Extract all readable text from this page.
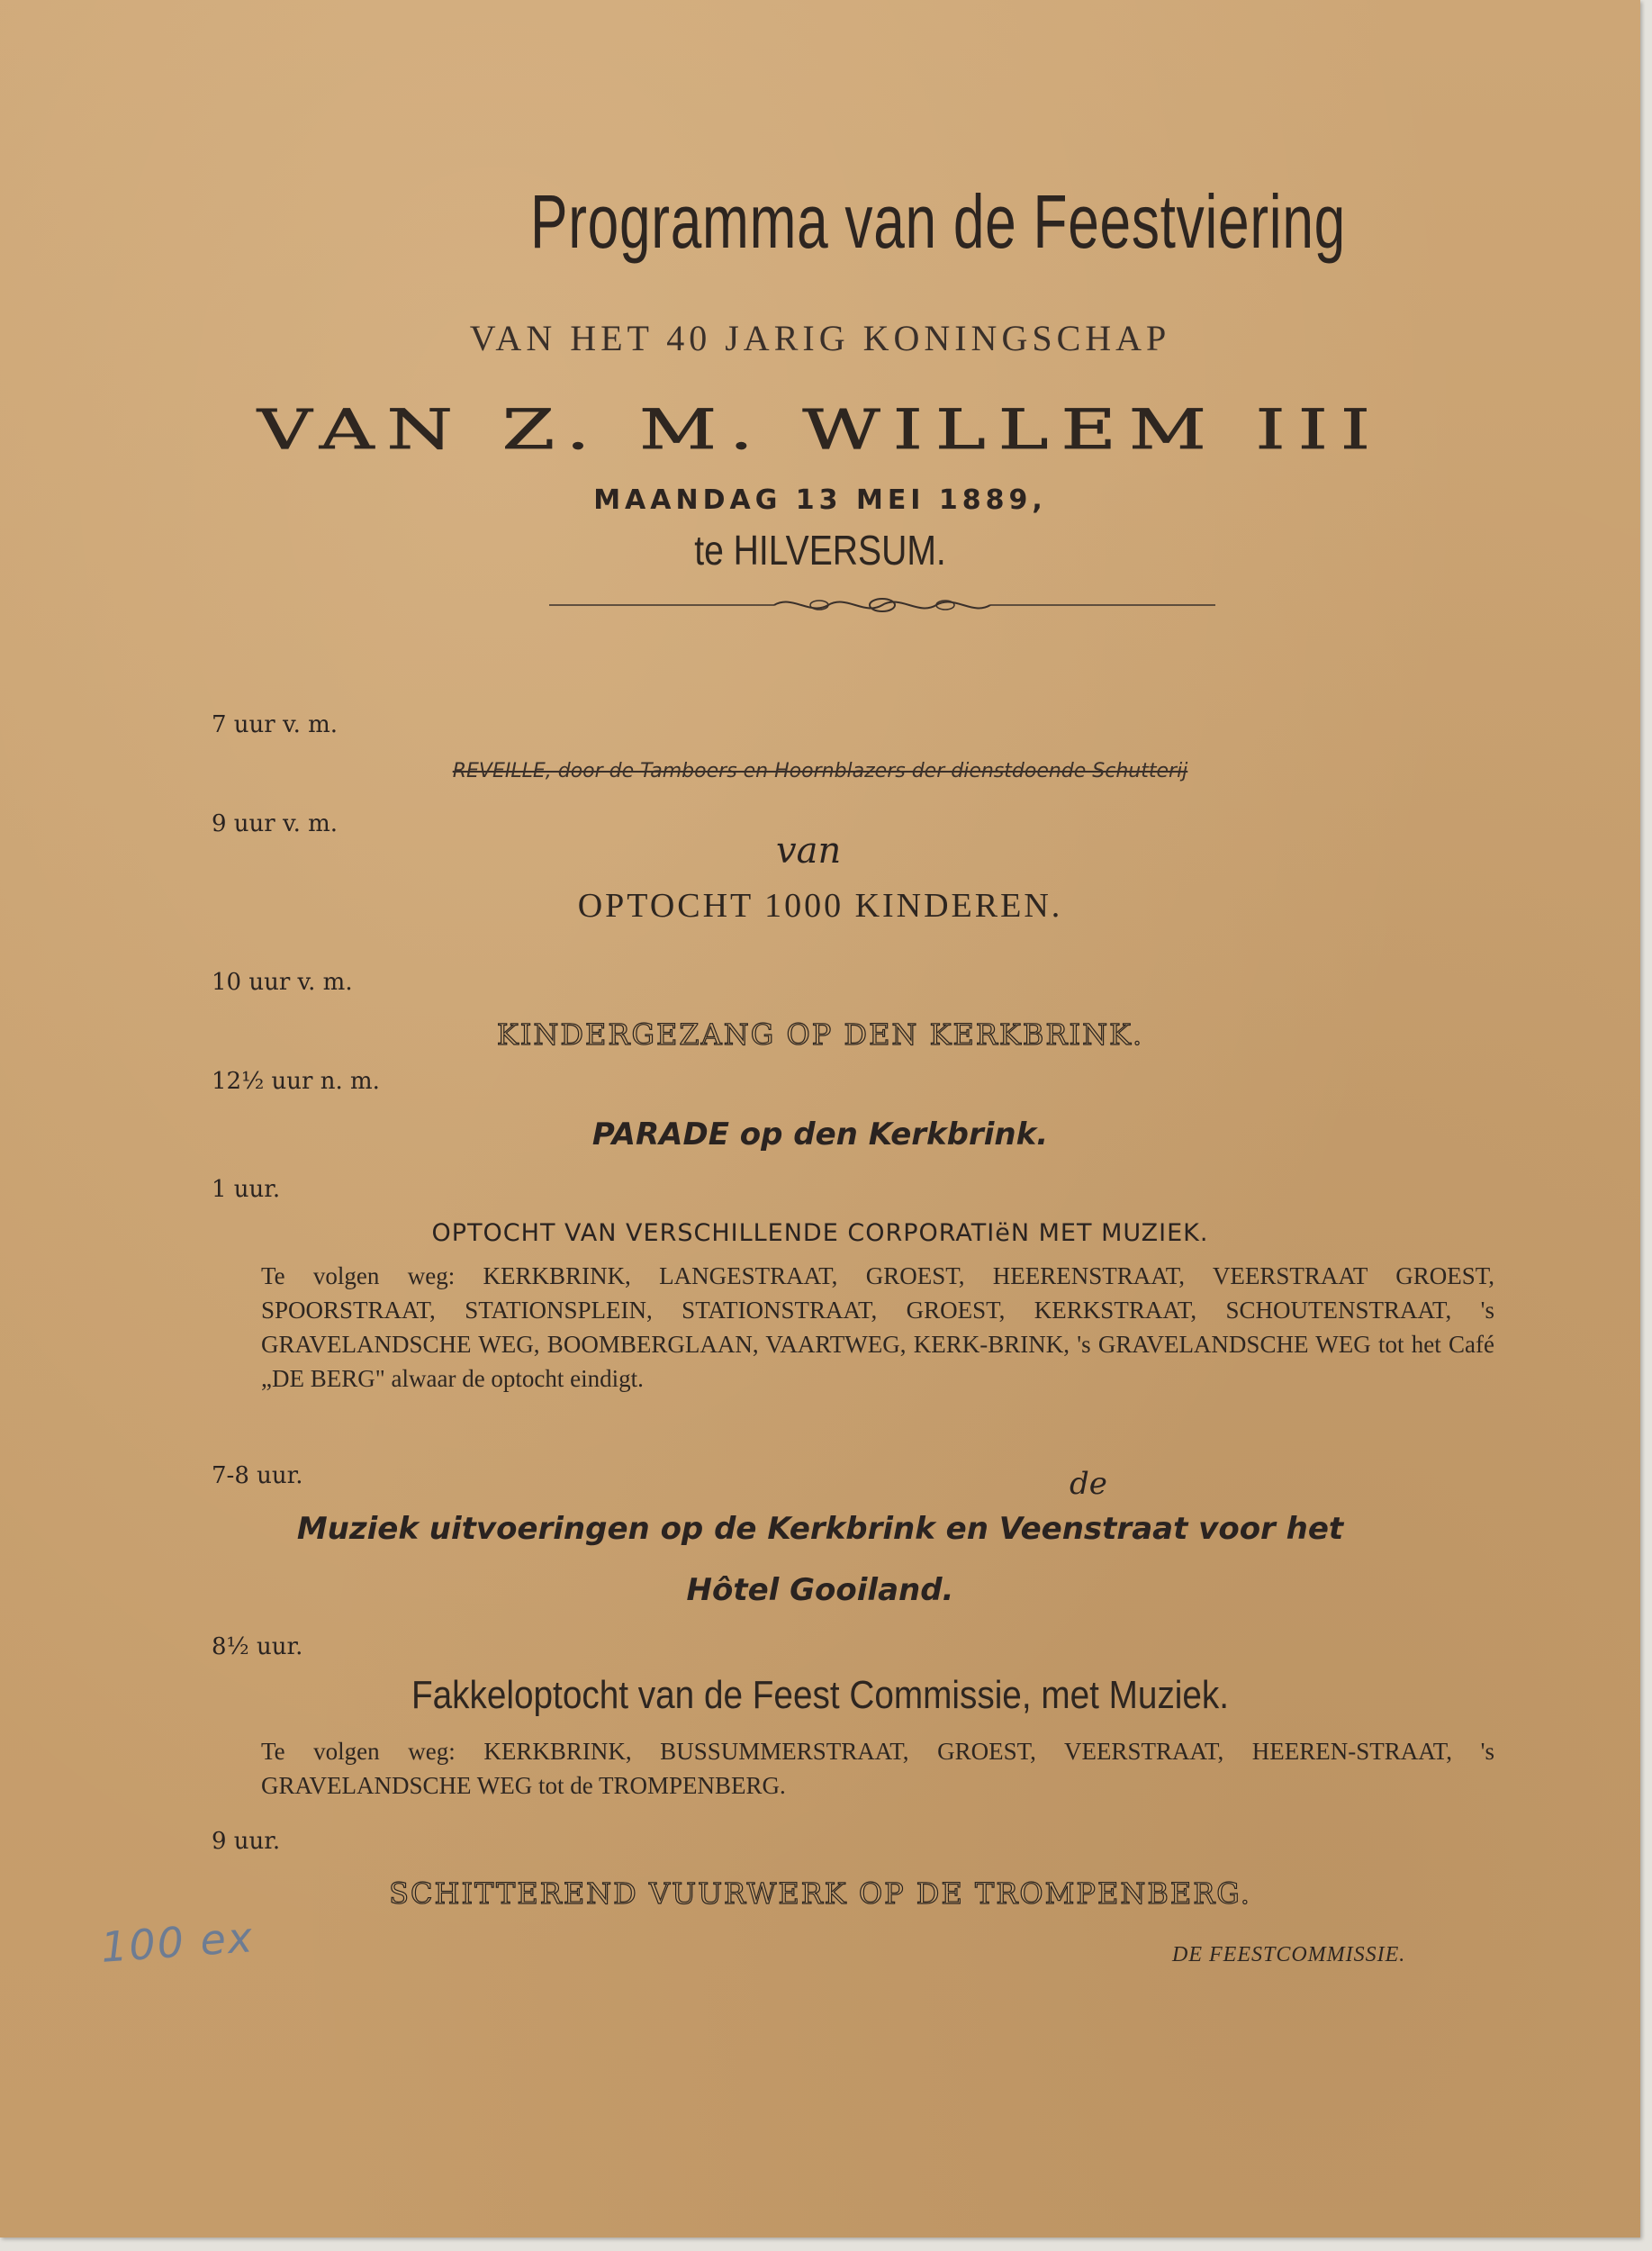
Programma van de Feestviering
VAN HET 40 JARIG KONINGSCHAP
VAN Z. M. WILLEM III
MAANDAG 13 MEI 1889,
te HILVERSUM.
7 uur v. m.
REVEILLE, door de Tamboers en Hoornblazers der dienstdoende Schutterij
9 uur v. m.
van
OPTOCHT 1000 KINDEREN.
10 uur v. m.
KINDERGEZANG OP DEN KERKBRINK.
12½ uur n. m.
PARADE op den Kerkbrink.
1 uur.
OPTOCHT VAN VERSCHILLENDE CORPORATIëN MET MUZIEK.

Te volgen weg: KERKBRINK, LANGESTRAAT, GROEST, HEERENSTRAAT, VEERSTRAAT GROEST, SPOORSTRAAT, STATIONSPLEIN, STATIONSTRAAT, GROEST, KERKSTRAAT, SCHOUTENSTRAAT, 's GRAVELANDSCHE WEG, BOOMBERGLAAN, VAARTWEG, KERK-BRINK, 's GRAVELANDSCHE WEG tot het Café „DE BERG" alwaar de optocht eindigt.

7-8 uur.	de
Muziek uitvoeringen op de Kerkbrink en Veenstraat voor het
Hôtel Gooiland.
8½ uur.
Fakkeloptocht van de Feest Commissie, met Muziek.

Te volgen weg: KERKBRINK, BUSSUMMERSTRAAT, GROEST, VEERSTRAAT, HEEREN-STRAAT, 's GRAVELANDSCHE WEG tot de TROMPENBERG.

9 uur.
SCHITTEREND VUURWERK OP DE TROMPENBERG.
100 ex	DE FEESTCOMMISSIE.
